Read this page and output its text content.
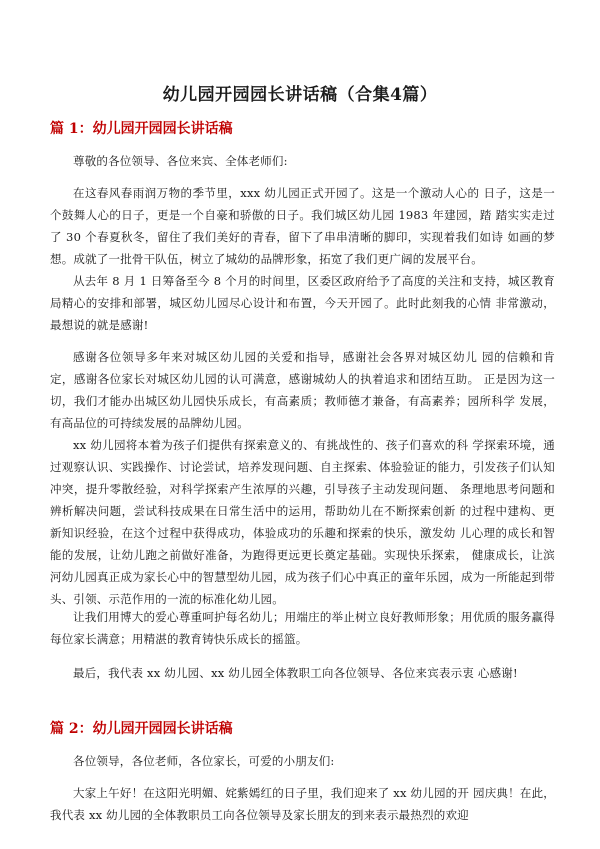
幼儿园开园园长讲话稿（合集4篇）
篇 1：幼儿园开园园长讲话稿

尊敬的各位领导、各位来宾、全体老师们:

在这春风春雨润万物的季节里，xxx 幼儿园正式开园了。这是一个激动人心的 日子，这是一个鼓舞人心的日子，更是一个自豪和骄傲的日子。我们城区幼儿园 1983 年建园，踏 踏实实走过了 30 个春夏秋冬，留住了我们美好的青春，留下了串串清晰的脚印，实现着我们如诗 如画的梦想。成就了一批骨干队伍，树立了城幼的品牌形象，拓宽了我们更广阔的发展平台。

从去年 8 月 1 日筹备至今 8 个月的时间里，区委区政府给予了高度的关注和支持，城区教育局精心的安排和部署，城区幼儿园尽心设计和布置，今天开园了。此时此刻我的心情 非常激动，最想说的就是感谢!

感谢各位领导多年来对城区幼儿园的关爱和指导，感谢社会各界对城区幼儿 园的信赖和肯定，感谢各位家长对城区幼儿园的认可满意，感谢城幼人的执着追求和团结互助。 正是因为这一切，我们才能办出城区幼儿园快乐成长，有高素质；教师德才兼备，有高素养；园所科学 发展，有高品位的可持续发展的品牌幼儿园。

xx 幼儿园将本着为孩子们提供有探索意义的、有挑战性的、孩子们喜欢的科 学探索环境，通过观察认识、实践操作、讨论尝试，培养发现问题、自主探索、体验验证的能力，引发孩子们认知冲突，提升零散经验，对科学探索产生浓厚的兴趣，引导孩子主动发现问题、 条理地思考问题和辨析解决问题，尝试科技成果在日常生活中的运用，帮助幼儿在不断探索创新 的过程中建构、更新知识经验，在这个过程中获得成功，体验成功的乐趣和探索的快乐，激发幼 儿心理的成长和智能的发展，让幼儿跑之前做好准备，为跑得更远更长奠定基础。实现快乐探索， 健康成长，让滨河幼儿园真正成为家长心中的智慧型幼儿园，成为孩子们心中真正的童年乐园，成为一所能起到带头、引领、示范作用的一流的标准化幼儿园。

让我们用博大的爱心尊重呵护每名幼儿；用端庄的举止树立良好教师形象；用优质的服务赢得每位家长满意；用精湛的教育铸快乐成长的摇篮。

最后，我代表 xx 幼儿园、xx 幼儿园全体教职工向各位领导、各位来宾表示衷 心感谢!

篇 2：幼儿园开园园长讲话稿

各位领导，各位老师，各位家长，可爱的小朋友们:

大家上午好！在这阳光明媚、姹紫嫣红的日子里，我们迎来了 xx 幼儿园的开 园庆典！在此，我代表 xx 幼儿园的全体教职员工向各位领导及家长朋友的到来表示最热烈的欢迎
